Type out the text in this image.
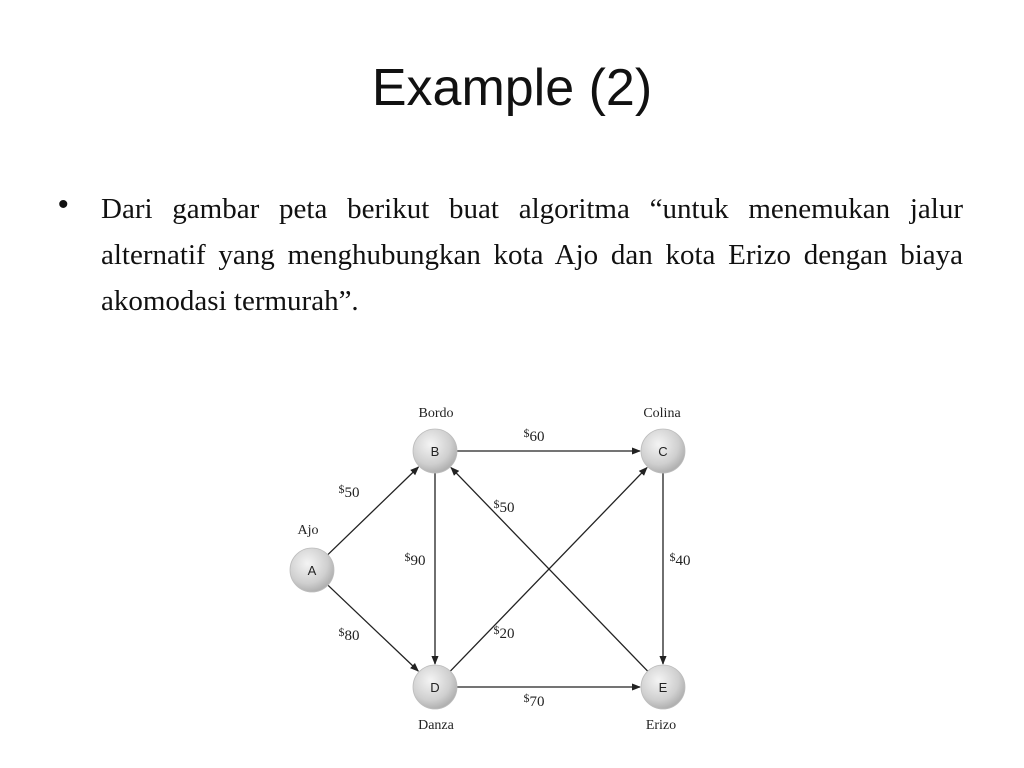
Example (2)
• Dari gambar peta berikut buat algoritma “untuk menemukan jalur alternatif yang menghubungkan kota Ajo dan kota Erizo dengan biaya akomodasi termurah”.
$50
$80
$60
$90	$40
$20
$70
$50
A
Ajo
B
Bordo
C
Colina
D
Danza
E
Erizo
